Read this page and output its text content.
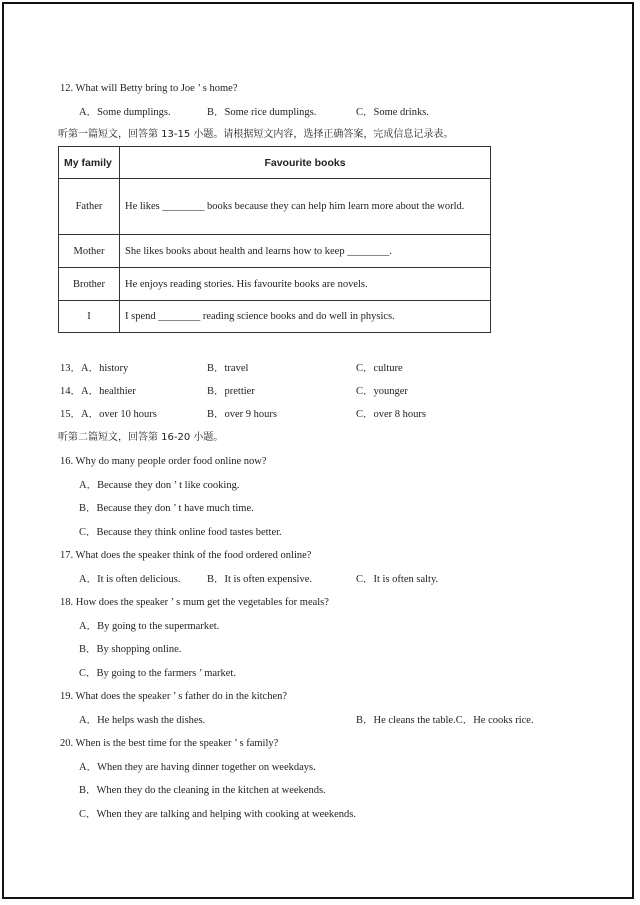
12. What will Betty bring to Joe ’ s home?
A．Some dumplings.	B．Some rice dumplings.	C．Some drinks.
听第一篇短文，回答第 13-15 小题。请根据短文内容，选择正确答案，完成信息记录表。
My family	Favourite books
Father	He likes ________ books because they can help him learn more about the world.
Mother	She likes books about health and learns how to keep ________.
Brother	He enjoys reading stories. His favourite books are novels.
I	I spend ________ reading science books and do well in physics.
13．A．history	B．travel	C．culture
14．A．healthier	B．prettier	C．younger
15．A．over 10 hours	B．over 9 hours	C．over 8 hours
听第二篇短文，回答第 16-20 小题。
16. Why do many people order food online now?
A．Because they don ’ t like cooking.
B．Because they don ’ t have much time.
C．Because they think online food tastes better.
17. What does the speaker think of the food ordered online?
A．It is often delicious.	B．It is often expensive.	C．It is often salty.
18. How does the speaker ’ s mum get the vegetables for meals?
A．By going to the supermarket.
B．By shopping online.
C．By going to the farmers ’ market.
19. What does the speaker ’ s father do in the kitchen?
A．He helps wash the dishes.	B．He cleans the table.C．He cooks rice.
20. When is the best time for the speaker ’ s family?
A．When they are having dinner together on weekdays.
B．When they do the cleaning in the kitchen at weekends.
C．When they are talking and helping with cooking at weekends.
